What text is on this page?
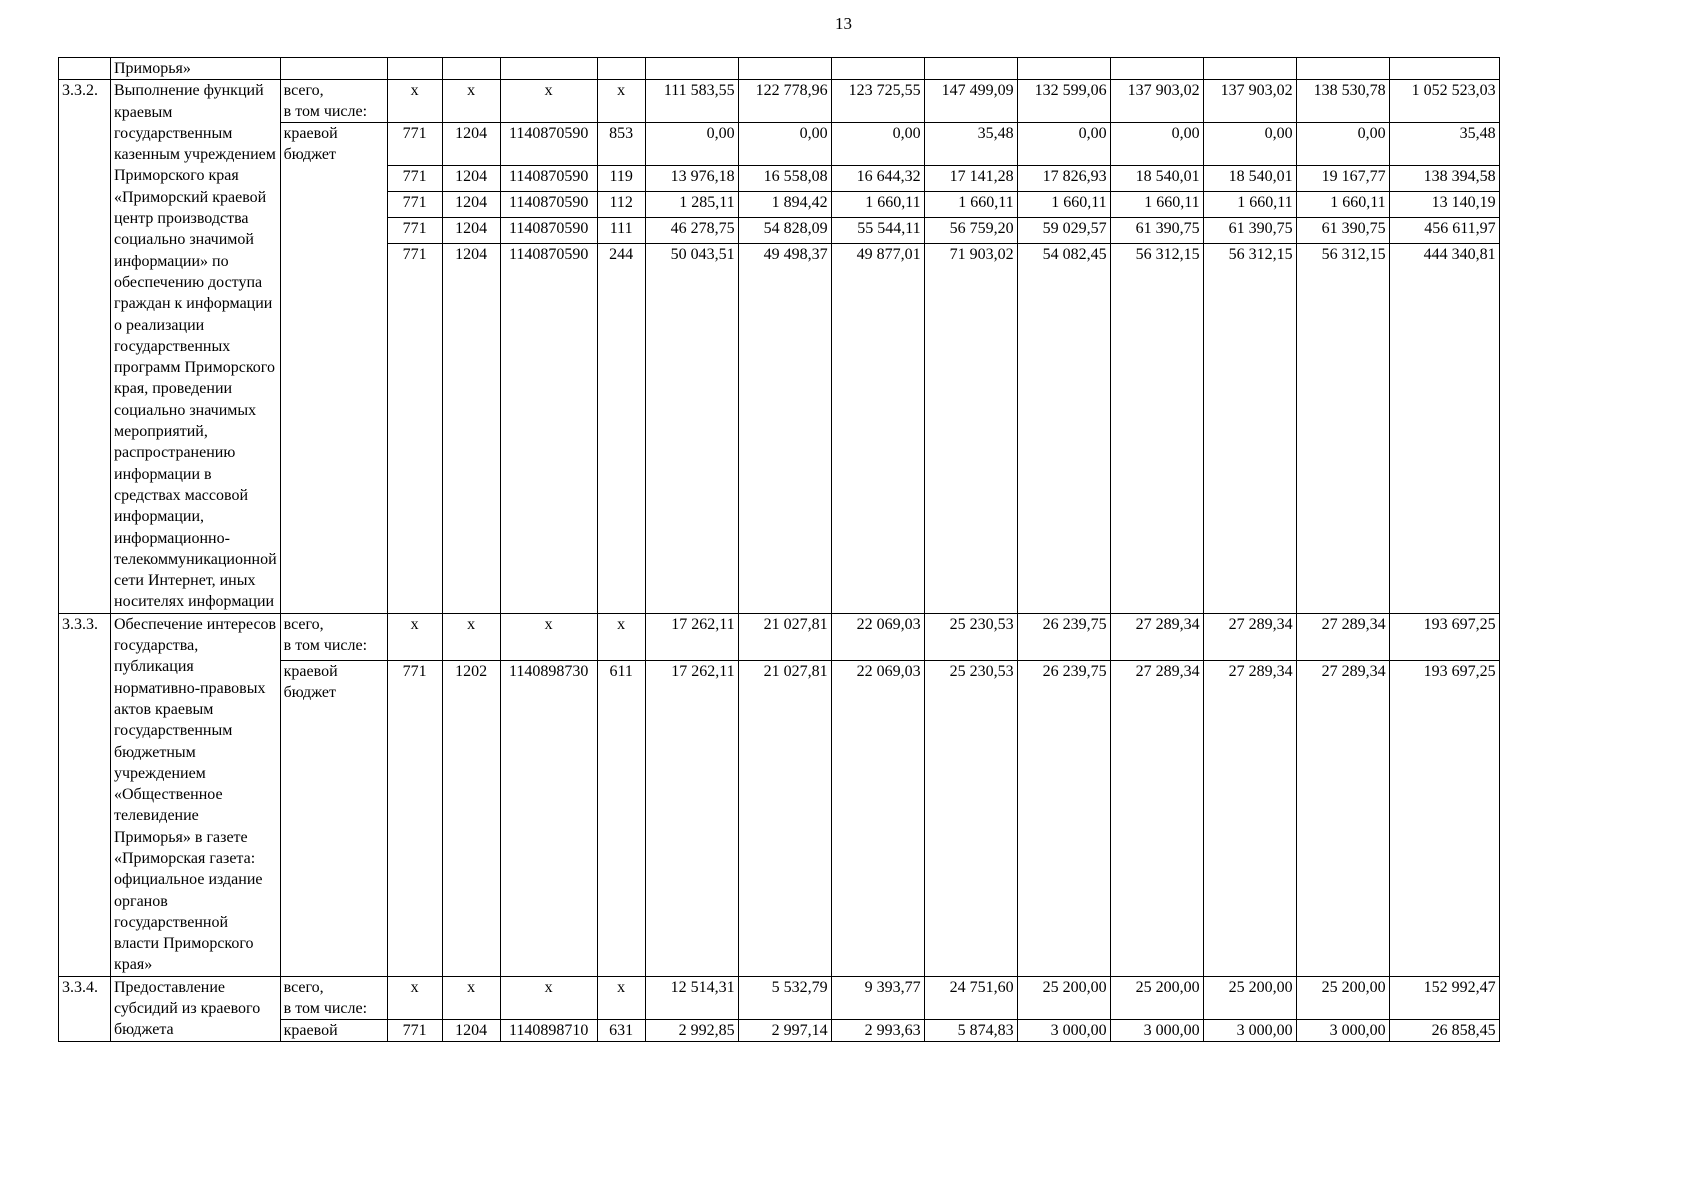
13
	Приморья»														
3.3.2.	Выполнение функций краевым государственным казенным учреждением Приморского края «Приморский краевой центр производства социально значимой информации» по обеспечению доступа граждан к информации о реализации государственных программ Приморского края, проведении социально значимых мероприятий, распространению информации в средствах массовой информации, информационно-телекоммуникационной сети Интернет, иных носителях информации	всего,
в том числе:	x	x	x	x	111 583,55	122 778,96	123 725,55	147 499,09	132 599,06	137 903,02	137 903,02	138 530,78	1 052 523,03
		краевой
бюджет	771	1204	1140870590	853	0,00	0,00	0,00	35,48	0,00	0,00	0,00	0,00	35,48
			771	1204	1140870590	119	13 976,18	16 558,08	16 644,32	17 141,28	17 826,93	18 540,01	18 540,01	19 167,77	138 394,58
			771	1204	1140870590	112	1 285,11	1 894,42	1 660,11	1 660,11	1 660,11	1 660,11	1 660,11	1 660,11	13 140,19
			771	1204	1140870590	111	46 278,75	54 828,09	55 544,11	56 759,20	59 029,57	61 390,75	61 390,75	61 390,75	456 611,97
			771	1204	1140870590	244	50 043,51	49 498,37	49 877,01	71 903,02	54 082,45	56 312,15	56 312,15	56 312,15	444 340,81
3.3.3.	Обеспечение интересов государства, публикация нормативно-правовых актов краевым государственным бюджетным учреждением «Общественное телевидение Приморья» в газете «Приморская газета: официальное издание органов государственной власти Приморского края»	всего,
в том числе:	x	x	x	x	17 262,11	21 027,81	22 069,03	25 230,53	26 239,75	27 289,34	27 289,34	27 289,34	193 697,25
		краевой
бюджет	771	1202	1140898730	611	17 262,11	21 027,81	22 069,03	25 230,53	26 239,75	27 289,34	27 289,34	27 289,34	193 697,25
3.3.4.	Предоставление субсидий из краевого бюджета	всего,
в том числе:	x	x	x	x	12 514,31	5 532,79	9 393,77	24 751,60	25 200,00	25 200,00	25 200,00	25 200,00	152 992,47
		краевой	771	1204	1140898710	631	2 992,85	2 997,14	2 993,63	5 874,83	3 000,00	3 000,00	3 000,00	3 000,00	26 858,45
